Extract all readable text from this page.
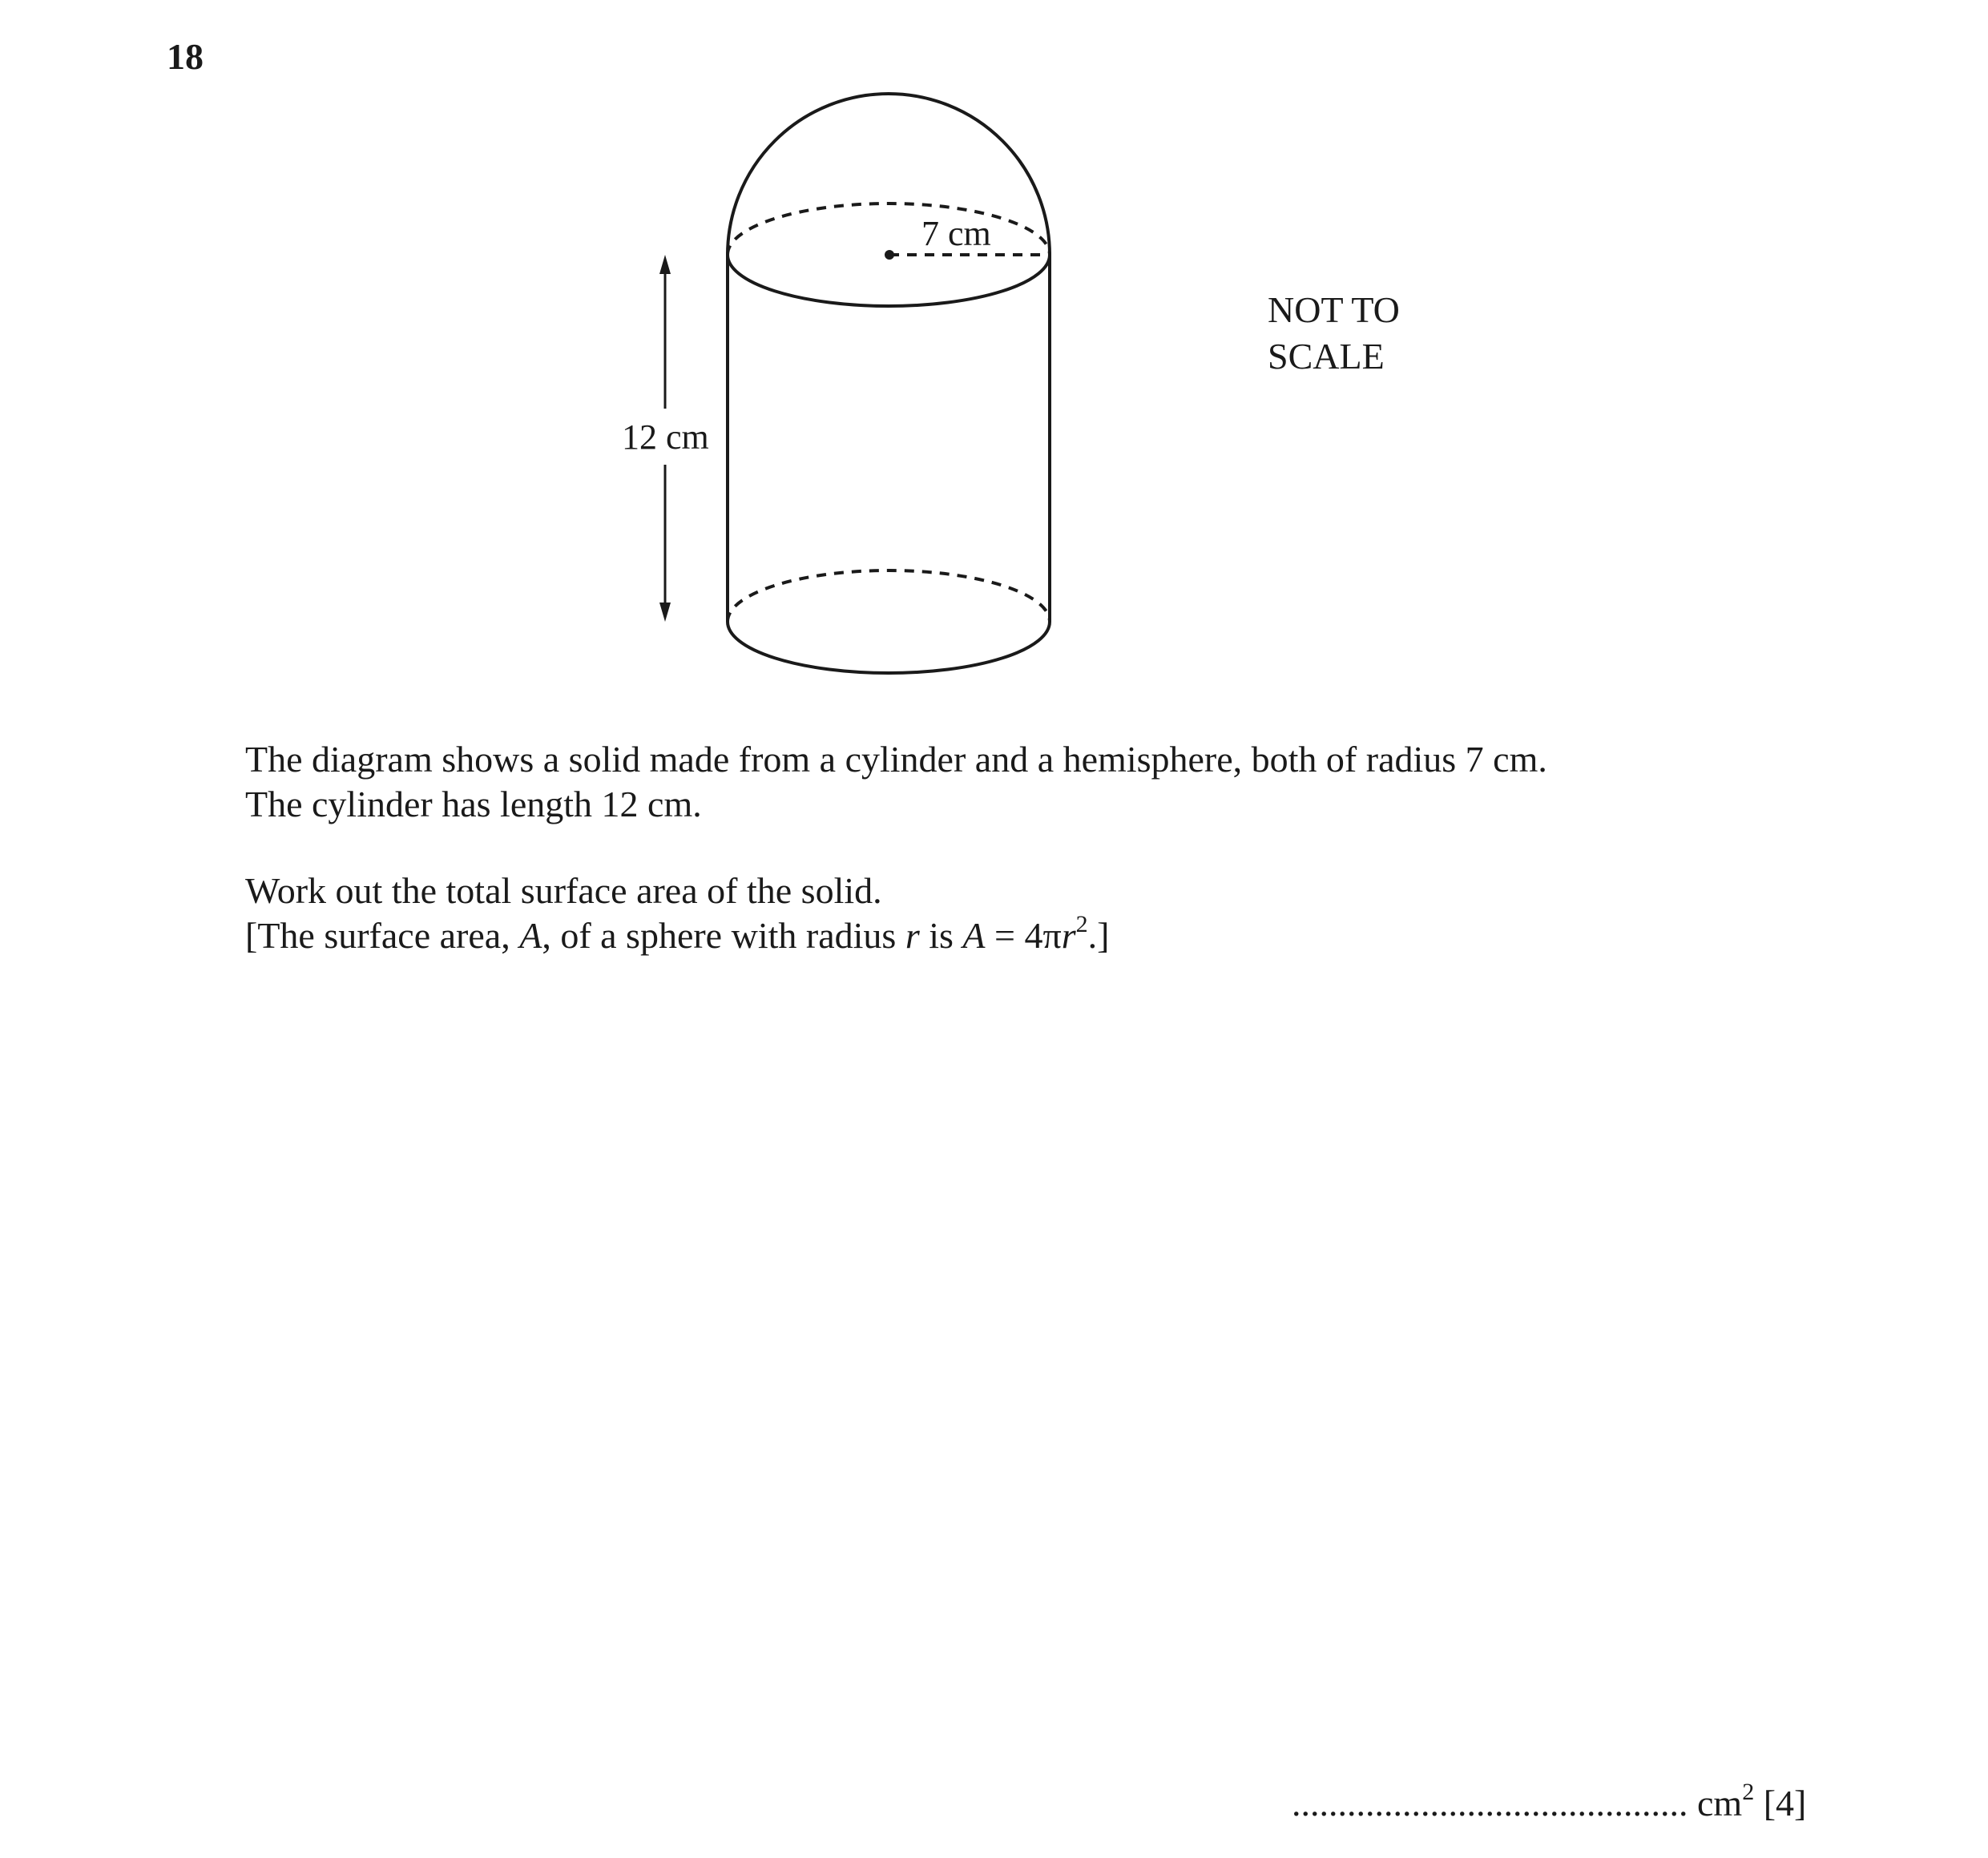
18
7 cm
12 cm
NOT TO
SCALE
The diagram shows a solid made from a cylinder and a hemisphere, both of radius 7 cm.
The cylinder has length 12 cm.
Work out the total surface area of the solid.
[The surface area, A, of a sphere with radius r is $A = 4\pi r^2$.]
........................................... $cm^2$ [4]
